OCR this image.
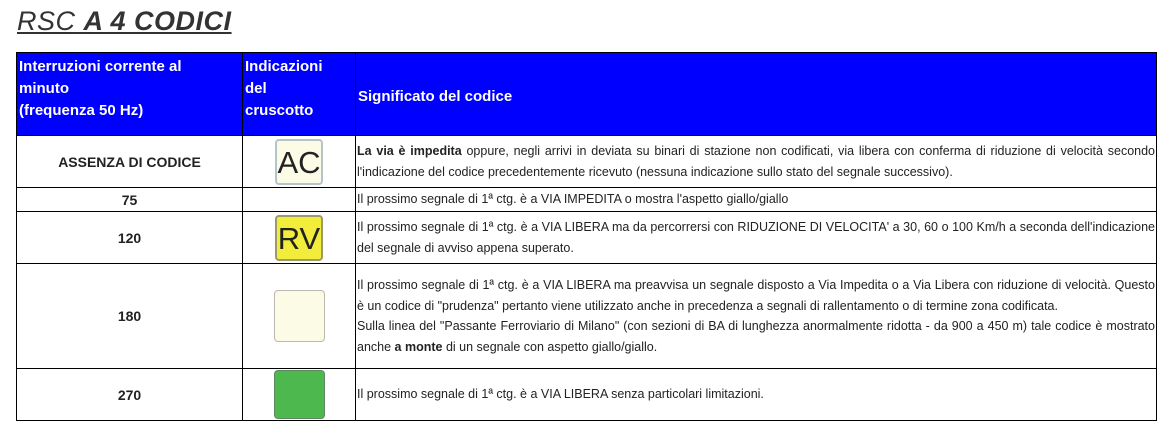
RSC A 4 CODICI
Interruzioni corrente al
minuto
(frequenza 50 Hz)	Indicazioni
del
cruscotto	Significato del codice
ASSENZA DI CODICE	AC	La via è impedita oppure, negli arrivi in deviata su binari di stazione non codificati, via libera con conferma di riduzione di velocità secondo l'indicazione del codice precedentemente ricevuto (nessuna indicazione sullo stato del segnale successivo).
75		Il prossimo segnale di 1ª ctg. è a VIA IMPEDITA o mostra l'aspetto giallo/giallo
120	RV	Il prossimo segnale di 1ª ctg. è a VIA LIBERA ma da percorrersi con RIDUZIONE DI VELOCITA' a 30, 60 o 100 Km/h a seconda dell'indicazione del segnale di avviso appena superato.
180		Il prossimo segnale di 1ª ctg. è a VIA LIBERA ma preavvisa un segnale disposto a Via Impedita o a Via Libera con riduzione di velocità. Questo è un codice di "prudenza" pertanto viene utilizzato anche in precedenza a segnali di rallentamento o di termine zona codificata.
Sulla linea del "Passante Ferroviario di Milano" (con sezioni di BA di lunghezza anormalmente ridotta - da 900 a 450 m) tale codice è mostrato anche a monte di un segnale con aspetto giallo/giallo.
270		Il prossimo segnale di 1ª ctg. è a VIA LIBERA senza particolari limitazioni.
